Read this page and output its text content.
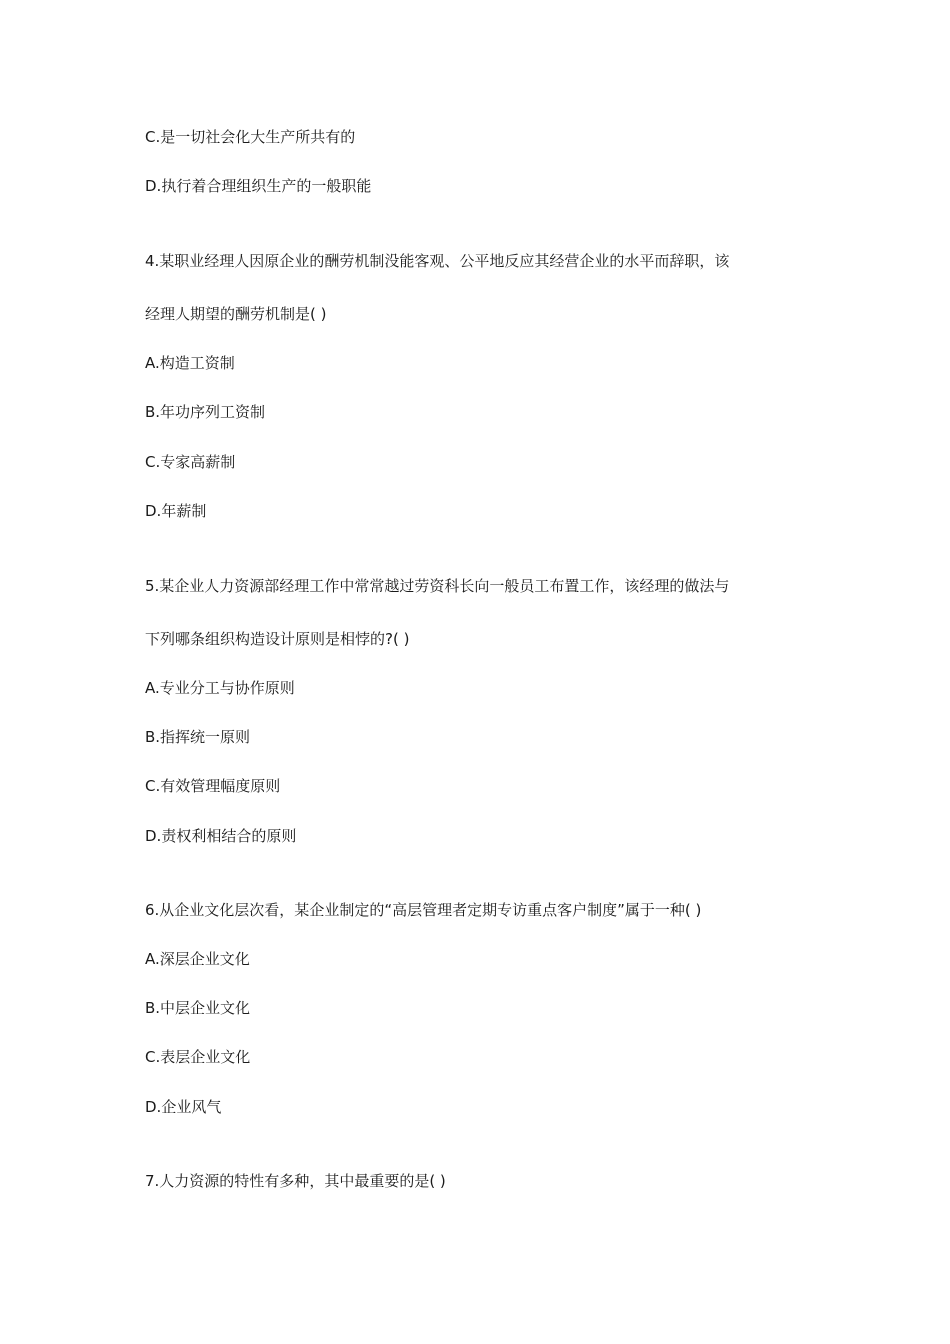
C.是一切社会化大生产所共有的
D.执行着合理组织生产的一般职能
4.某职业经理人因原企业的酬劳机制没能客观、公平地反应其经营企业的水平而辞职，该
经理人期望的酬劳机制是( )
A.构造工资制
B.年功序列工资制
C.专家高薪制
D.年薪制
5.某企业人力资源部经理工作中常常越过劳资科长向一般员工布置工作，该经理的做法与
下列哪条组织构造设计原则是相悖的?( )
A.专业分工与协作原则
B.指挥统一原则
C.有效管理幅度原则
D.责权利相结合的原则
6.从企业文化层次看，某企业制定的“高层管理者定期专访重点客户制度”属于一种( )
A.深层企业文化
B.中层企业文化
C.表层企业文化
D.企业风气
7.人力资源的特性有多种，其中最重要的是( )
